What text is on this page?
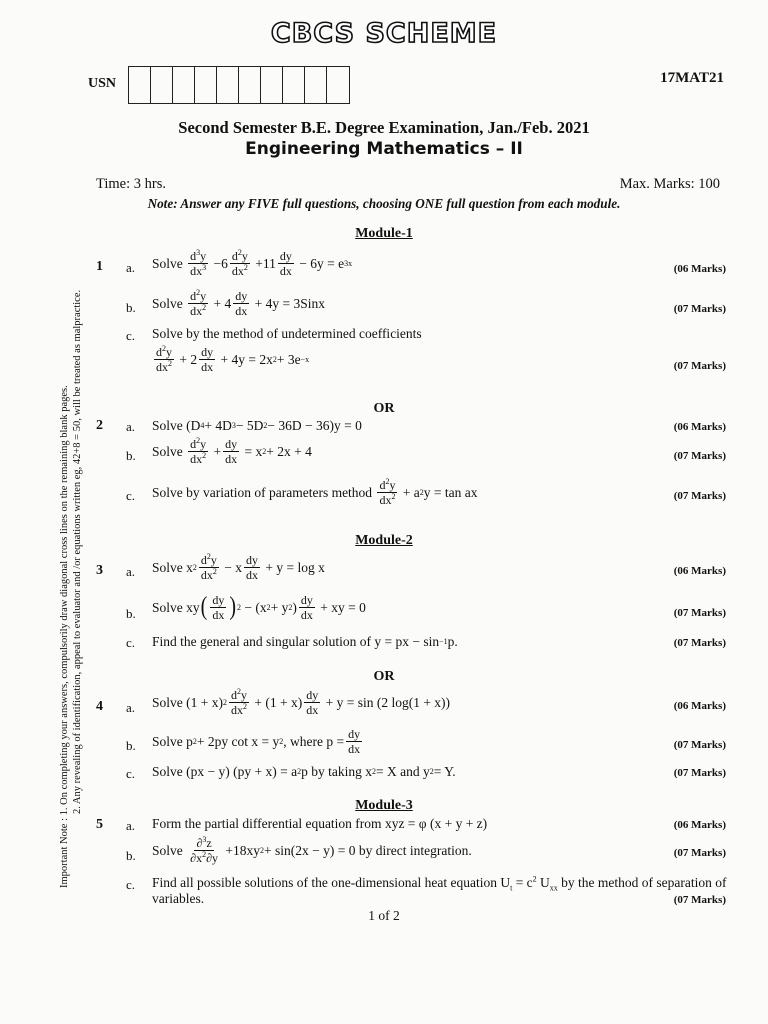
CBCS SCHEME
USN	17MAT21
Second Semester B.E. Degree Examination, Jan./Feb. 2021
Engineering Mathematics – II
Time: 3 hrs.	Max. Marks: 100
Note: Answer any FIVE full questions, choosing ONE full question from each module.
Module-1
1 a. Solve
$\frac{d^3y}{dx^3} -6 \frac{d^2y}{dx^2} +11 \frac{dy}{dx} - 6y = e$ 3x	(06 Marks)
b. Solve
$\frac{d^2y}{dx^2} + 4 \frac{dy}{dx} + 4y$ = 3Sinx	(07 Marks)
c. Solve by the method of undetermined coefficients
$\frac{d^2y}{dx^2} + 2 \frac{dy}{dx} + 4y = 2x$ 2 + 3e −x
(07 Marks)
OR
2 a. Solve (D 4 + 4D 3 − 5D 2 − 36D − 36)y = 0	(06 Marks)
b. Solve
$\frac{d^2y}{dx^2} + \frac{dy}{dx} = x$ 2 + 2x + 4	(07 Marks)
c. Solve by variation of parameters method
$\frac{d^2y}{dx^2} + a$ 2 y = tan ax	(07 Marks)
Module-2
3 a. Solve x $2 \frac{d^2y}{dx^2} - x \frac{dy}{dx} + y = \log x$	(06 Marks)
b. Solve xy ( $\frac{dy}{dx}$ ) 2 − (x 2 + y 2 ) $\frac{dy}{dx}$ + xy = 0	(07 Marks)
c. Find the general and singular solution of y = px − sin −1 p.	(07 Marks)
OR
4 a. Solve (1 + x) $2 \frac{d^2y}{dx^2} + (1 + x) \frac{dy}{dx} + y = \sin (2$ log(1 + x))	(06 Marks)
b. Solve p 2 + 2py cot x = y 2 , where $p = \frac{dy}{dx}$	(07 Marks)
c. Solve (px − y) (py + x) = a 2 p by taking x 2 = X and y 2 = Y.	(07 Marks)
Module-3
5 a. Form the partial differential equation from xyz = φ (x + y + z)	(06 Marks)
b. Solve
$\frac{\partial^3z}{\partial x^2\partial y} +18xy$ 2 + sin(2x − y) = 0 by direct integration.	(07 Marks)
c. Find all possible solutions of the one-dimensional heat equation $U_t = c^2$ $U_{xx}$ by the method of separation of variables.	(07 Marks)
1 of 2
Important Note : 1. On completing your answers, compulsorily draw diagonal cross lines on the remaining blank pages. 2. Any revealing of identification, appeal to evaluator and /or equations written eg, 42+8 = 50, will be treated as malpractice.
